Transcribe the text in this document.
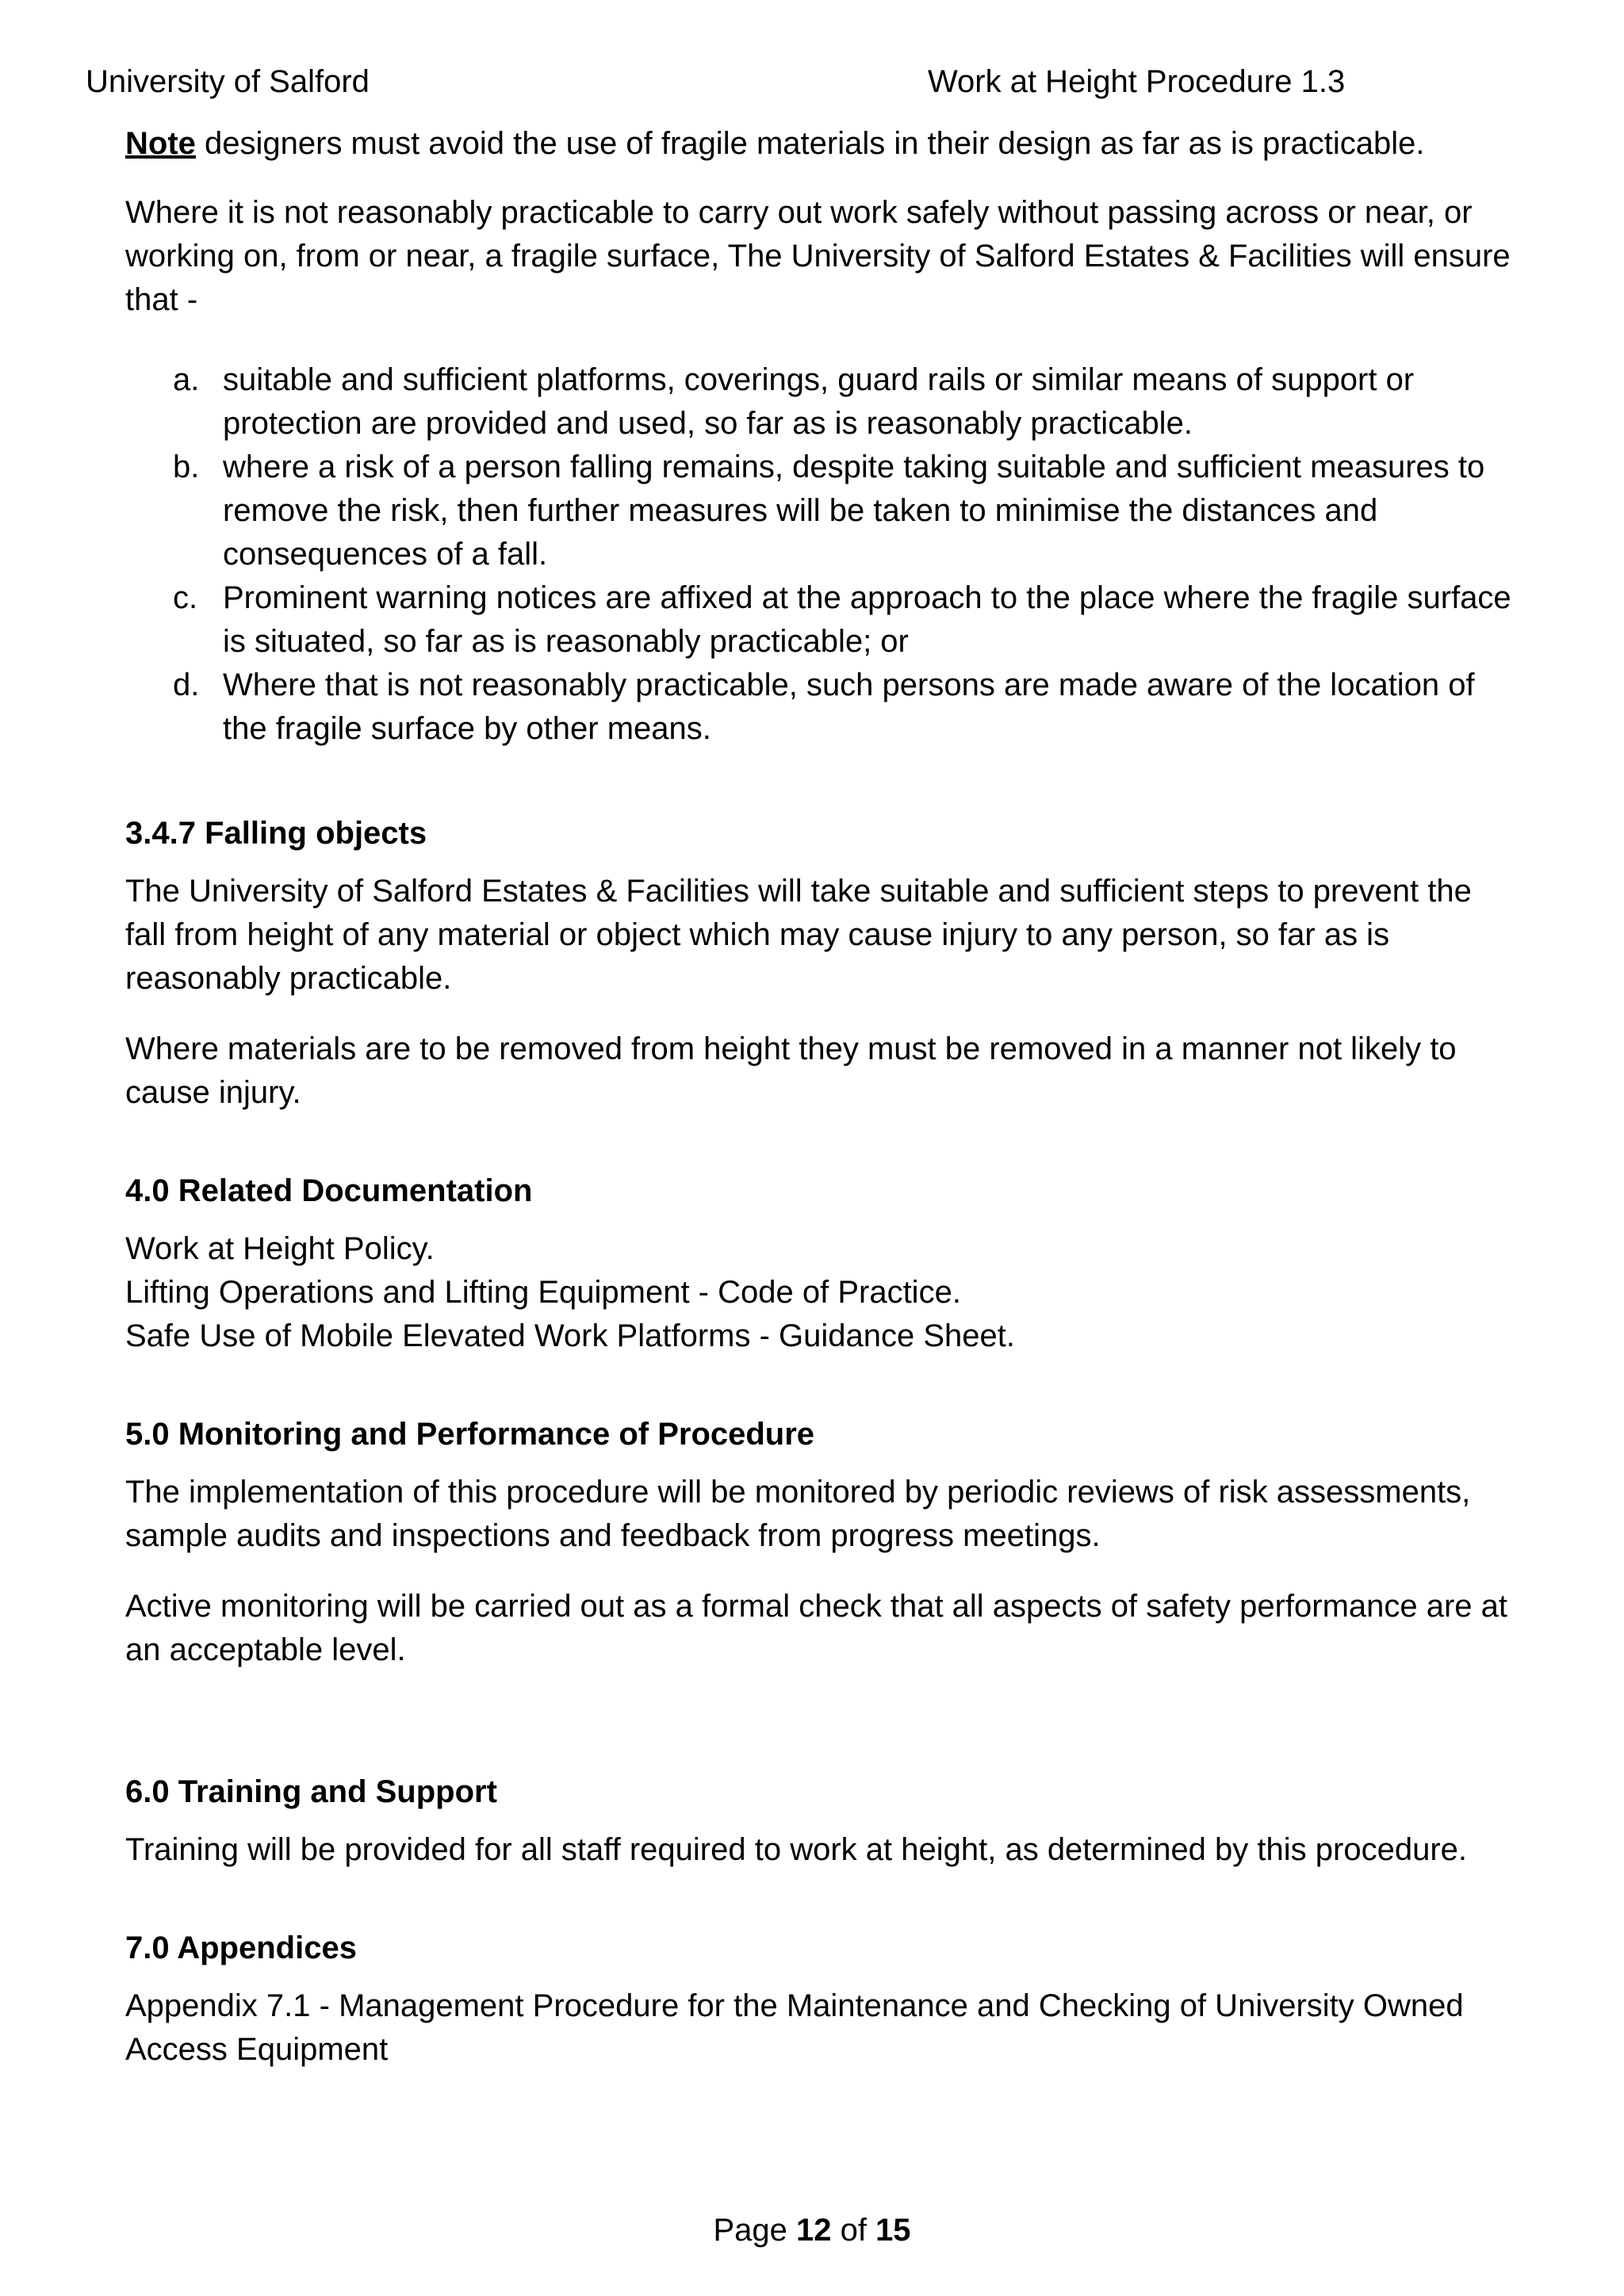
University of Salford	Work at Height Procedure 1.3

Note designers must avoid the use of fragile materials in their design as far as is practicable.

Where it is not reasonably practicable to carry out work safely without passing across or near, or working on, from or near, a fragile surface, The University of Salford Estates & Facilities will ensure that -

a. suitable and sufficient platforms, coverings, guard rails or similar means of support or protection are provided and used, so far as is reasonably practicable.
b. where a risk of a person falling remains, despite taking suitable and sufficient measures to remove the risk, then further measures will be taken to minimise the distances and consequences of a fall.
c. Prominent warning notices are affixed at the approach to the place where the fragile surface is situated, so far as is reasonably practicable; or
d. Where that is not reasonably practicable, such persons are made aware of the location of the fragile surface by other means.
3.4.7 Falling objects

The University of Salford Estates & Facilities will take suitable and sufficient steps to prevent the fall from height of any material or object which may cause injury to any person, so far as is reasonably practicable.

Where materials are to be removed from height they must be removed in a manner not likely to cause injury.

4.0 Related Documentation

Work at Height Policy.

Lifting Operations and Lifting Equipment - Code of Practice.

Safe Use of Mobile Elevated Work Platforms - Guidance Sheet.

5.0 Monitoring and Performance of Procedure

The implementation of this procedure will be monitored by periodic reviews of risk assessments, sample audits and inspections and feedback from progress meetings.

Active monitoring will be carried out as a formal check that all aspects of safety performance are at an acceptable level.

6.0 Training and Support

Training will be provided for all staff required to work at height, as determined by this procedure.

7.0 Appendices

Appendix 7.1 - Management Procedure for the Maintenance and Checking of University Owned Access Equipment

Page 12 of 15
